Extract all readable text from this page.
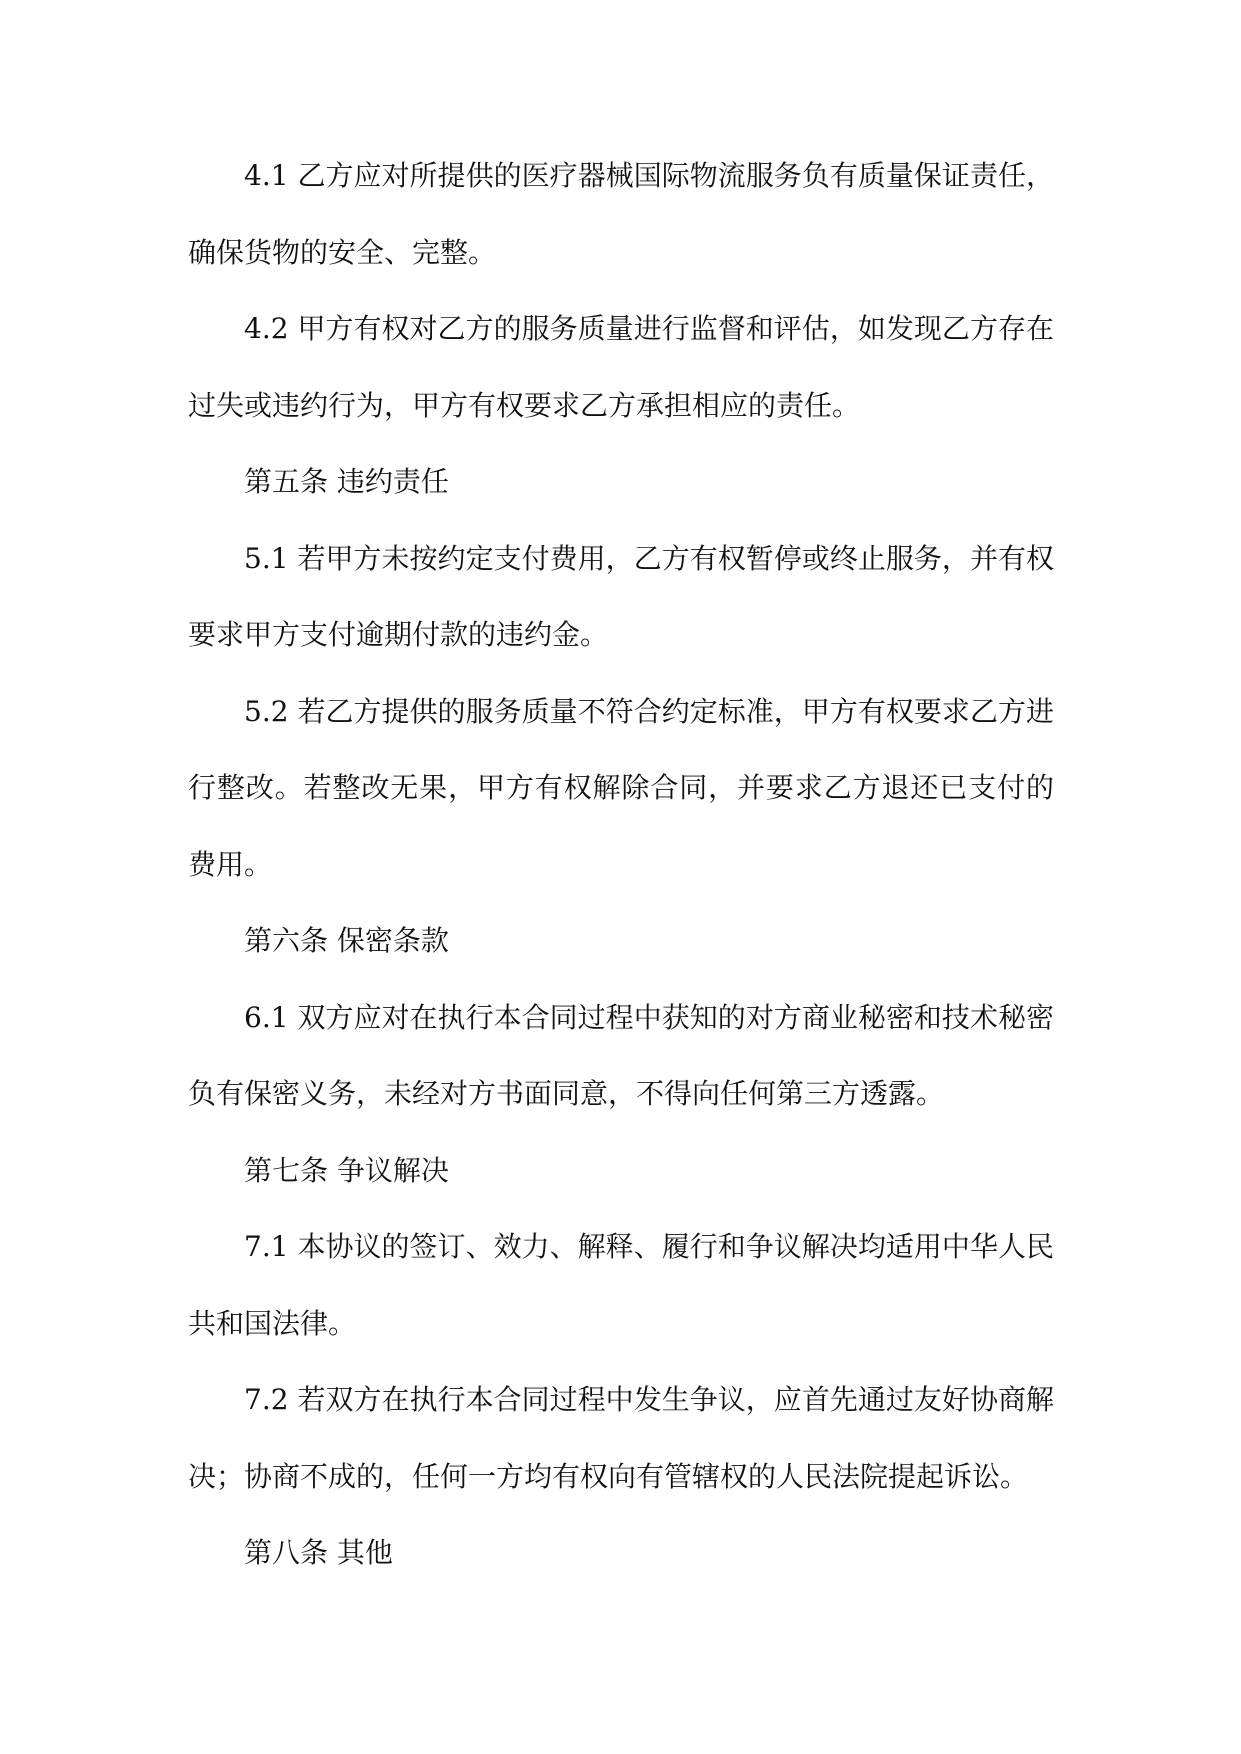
4.1 乙方应对所提供的医疗器械国际物流服务负有质量保证责任，确保货物的安全、完整。

4.2 甲方有权对乙方的服务质量进行监督和评估，如发现乙方存在过失或违约行为，甲方有权要求乙方承担相应的责任。

第五条 违约责任

5.1 若甲方未按约定支付费用，乙方有权暂停或终止服务，并有权要求甲方支付逾期付款的违约金。

5.2 若乙方提供的服务质量不符合约定标准，甲方有权要求乙方进行整改。若整改无果，甲方有权解除合同，并要求乙方退还已支付的费用。

第六条 保密条款

6.1 双方应对在执行本合同过程中获知的对方商业秘密和技术秘密负有保密义务，未经对方书面同意，不得向任何第三方透露。

第七条 争议解决

7.1 本协议的签订、效力、解释、履行和争议解决均适用中华人民共和国法律。

7.2 若双方在执行本合同过程中发生争议，应首先通过友好协商解决；协商不成的，任何一方均有权向有管辖权的人民法院提起诉讼。

第八条 其他
